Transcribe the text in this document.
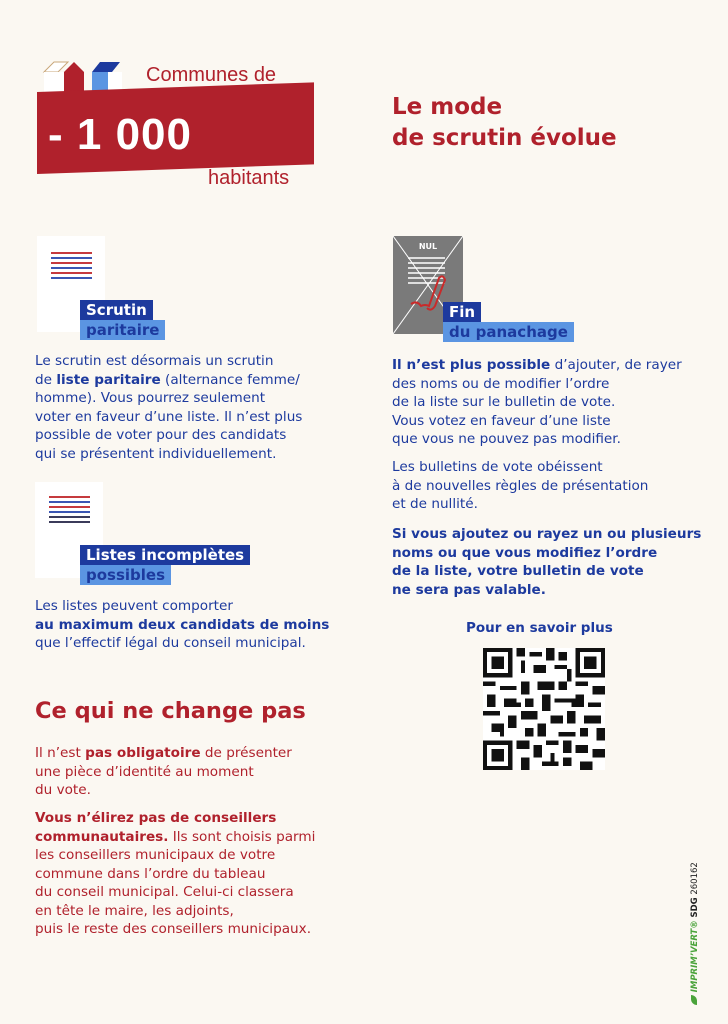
Communes de
- 1 000
habitants
Le mode
de scrutin évolue
Scrutin
paritaire
Le scrutin est désormais un scrutin
de liste paritaire (alternance femme/
homme). Vous pourrez seulement
voter en faveur d’une liste. Il n’est plus
possible de voter pour des candidats
qui se présentent individuellement.
Listes incomplètes
possibles
Les listes peuvent comporter
au maximum deux candidats de moins
que l’effectif légal du conseil municipal.
Ce qui ne change pas
Il n’est pas obligatoire de présenter
une pièce d’identité au moment
du vote.
Vous n’élirez pas de conseillers
communautaires. Ils sont choisis parmi
les conseillers municipaux de votre
commune dans l’ordre du tableau
du conseil municipal. Celui-ci classera
en tête le maire, les adjoints,
puis le reste des conseillers municipaux.
NUL
Fin
du panachage
Il n’est plus possible d’ajouter, de rayer
des noms ou de modifier l’ordre
de la liste sur le bulletin de vote.
Vous votez en faveur d’une liste
que vous ne pouvez pas modifier.
Les bulletins de vote obéissent
à de nouvelles règles de présentation
et de nullité.
Si vous ajoutez ou rayez un ou plusieurs
noms ou que vous modifiez l’ordre
de la liste, votre bulletin de vote
ne sera pas valable.
Pour en savoir plus
IMPRIM’VERT® SDG 260162
